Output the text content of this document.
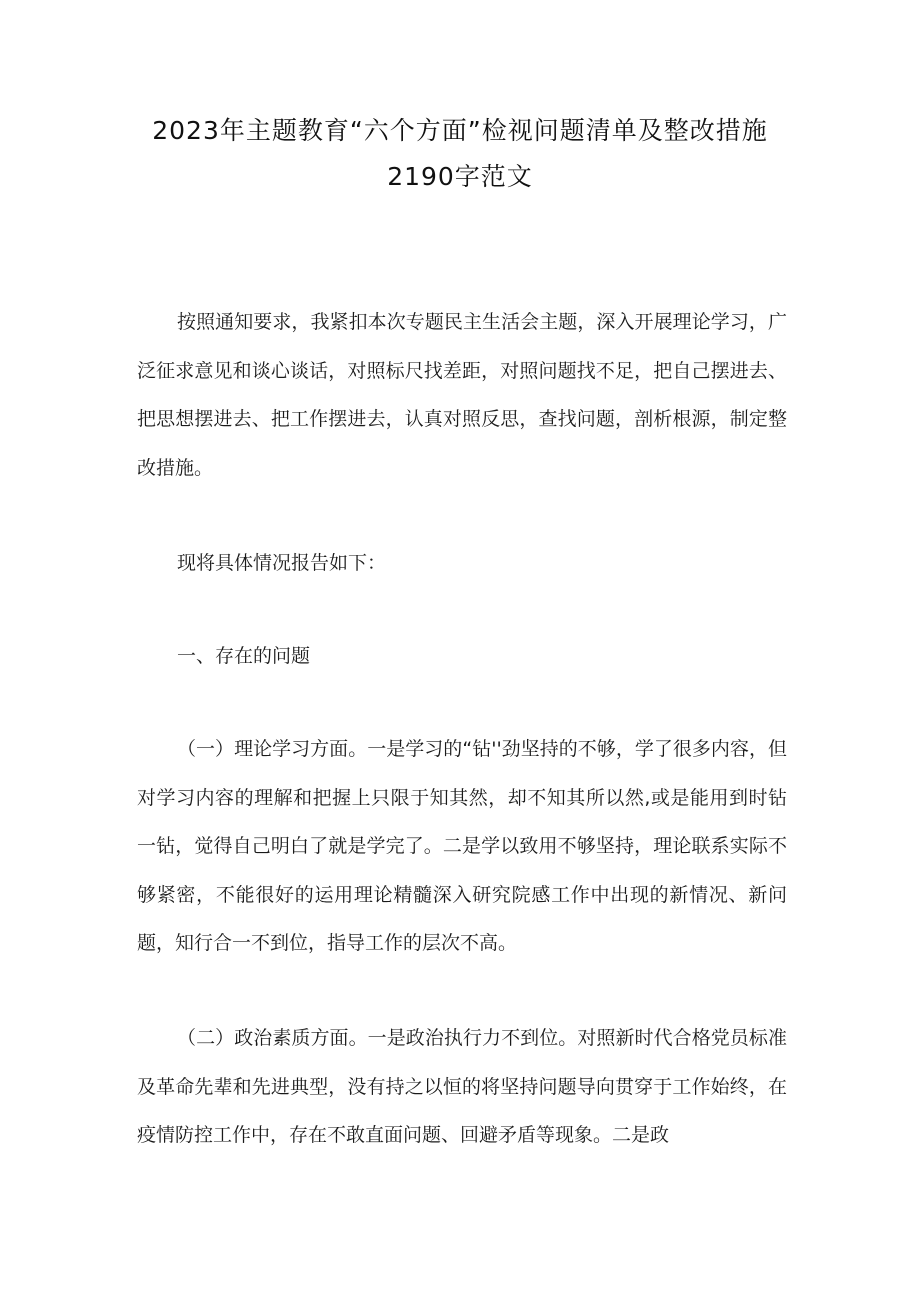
2023年主题教育“六个方面”检视问题清单及整改措施2190字范文

按照通知要求，我紧扣本次专题民主生活会主题，深入开展理论学习，广泛征求意见和谈心谈话，对照标尺找差距，对照问题找不足，把自己摆进去、把思想摆进去、把工作摆进去，认真对照反思，查找问题，剖析根源，制定整改措施。

现将具体情况报告如下：

一、存在的问题

（一）理论学习方面。一是学习的“钻''劲坚持的不够，学了很多内容，但对学习内容的理解和把握上只限于知其然，却不知其所以然,或是能用到时钻一钻，觉得自己明白了就是学完了。二是学以致用不够坚持，理论联系实际不够紧密，不能很好的运用理论精髓深入研究院感工作中出现的新情况、新问题，知行合一不到位，指导工作的层次不高。

（二）政治素质方面。一是政治执行力不到位。对照新时代合格党员标准及革命先辈和先进典型，没有持之以恒的将坚持问题导向贯穿于工作始终，在疫情防控工作中，存在不敢直面问题、回避矛盾等现象。二是政
